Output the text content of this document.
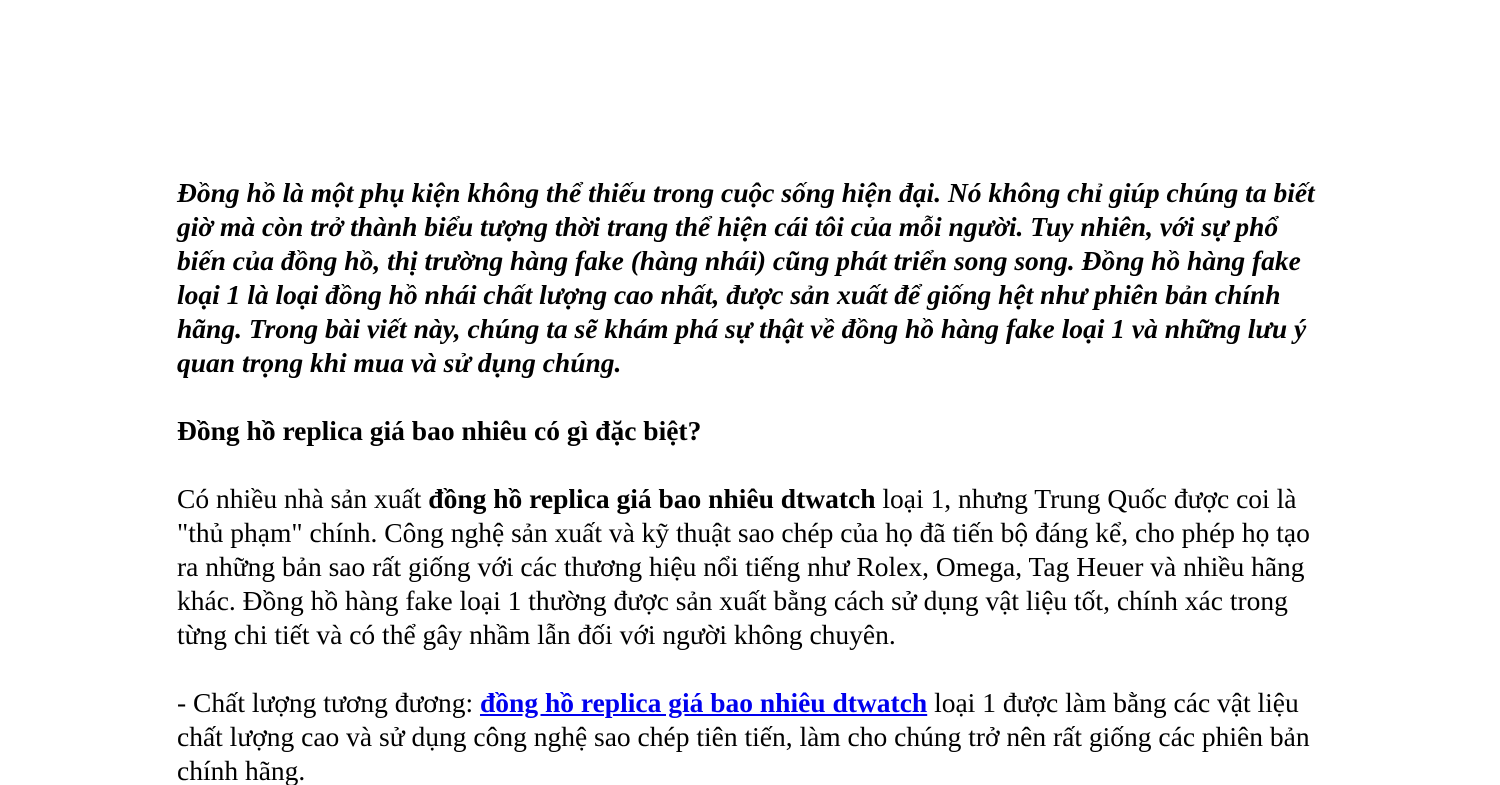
Đồng hồ là một phụ kiện không thể thiếu trong cuộc sống hiện đại. Nó không chỉ giúp chúng ta biết giờ mà còn trở thành biểu tượng thời trang thể hiện cái tôi của mỗi người. Tuy nhiên, với sự phổ biến của đồng hồ, thị trường hàng fake (hàng nhái) cũng phát triển song song. Đồng hồ hàng fake loại 1 là loại đồng hồ nhái chất lượng cao nhất, được sản xuất để giống hệt như phiên bản chính hãng. Trong bài viết này, chúng ta sẽ khám phá sự thật về đồng hồ hàng fake loại 1 và những lưu ý quan trọng khi mua và sử dụng chúng.

Đồng hồ replica giá bao nhiêu có gì đặc biệt?

Có nhiều nhà sản xuất đồng hồ replica giá bao nhiêu dtwatch loại 1, nhưng Trung Quốc được coi là "thủ phạm" chính. Công nghệ sản xuất và kỹ thuật sao chép của họ đã tiến bộ đáng kể, cho phép họ tạo ra những bản sao rất giống với các thương hiệu nổi tiếng như Rolex, Omega, Tag Heuer và nhiều hãng khác. Đồng hồ hàng fake loại 1 thường được sản xuất bằng cách sử dụng vật liệu tốt, chính xác trong từng chi tiết và có thể gây nhầm lẫn đối với người không chuyên.

- Chất lượng tương đương: đồng hồ replica giá bao nhiêu dtwatch loại 1 được làm bằng các vật liệu chất lượng cao và sử dụng công nghệ sao chép tiên tiến, làm cho chúng trở nên rất giống các phiên bản chính hãng.
